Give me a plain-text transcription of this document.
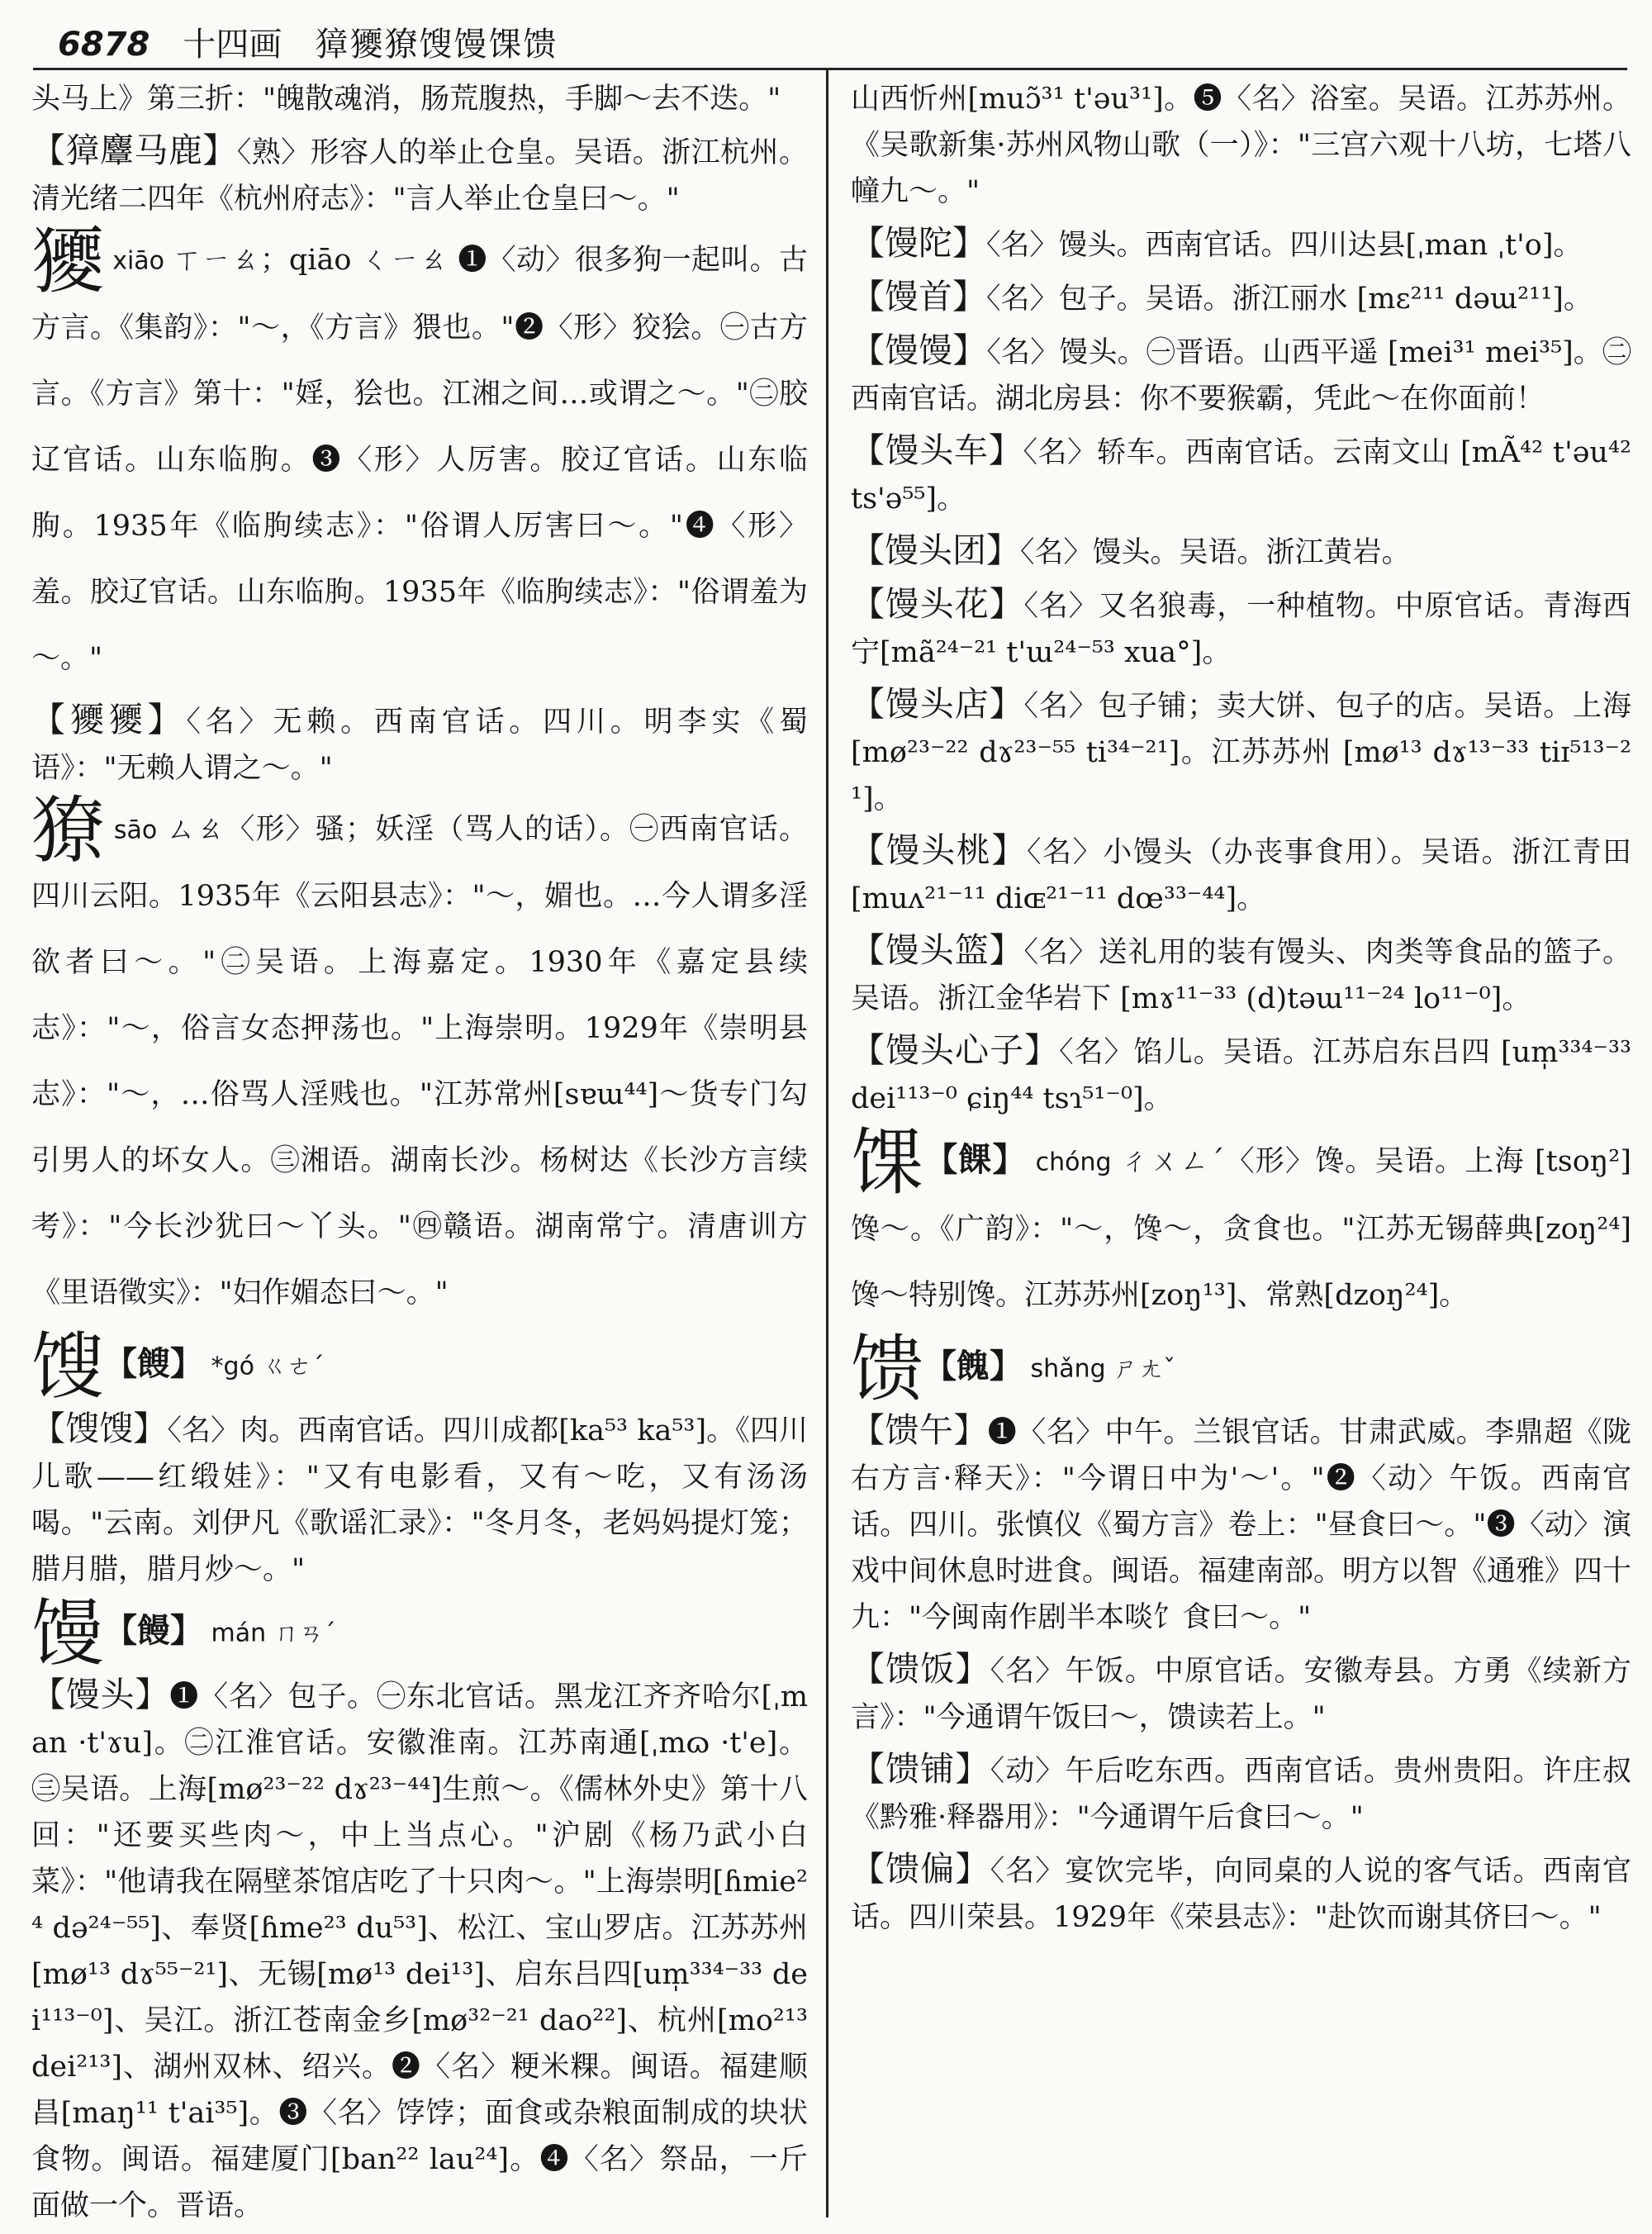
6878 十四画 獐獿獠馊馒馃馈

头马上》第三折："魄散魂消，肠荒腹热，手脚～去不迭。"

【獐麞马鹿】〈熟〉形容人的举止仓皇。吴语。浙江杭州。清光绪二四年《杭州府志》："言人举止仓皇曰～。"

獿 xiāo ㄒㄧㄠ；qiāo ㄑㄧㄠ ❶〈动〉很多狗一起叫。古方言。《集韵》："～，《方言》猥也。"❷〈形〉狡狯。㊀古方言。《方言》第十："婬，狯也。江湘之间…或谓之～。"㊁胶辽官话。山东临朐。❸〈形〉人厉害。胶辽官话。山东临朐。1935年《临朐续志》："俗谓人厉害曰～。"❹〈形〉羞。胶辽官话。山东临朐。1935年《临朐续志》："俗谓羞为～。"

【獿獿】〈名〉无赖。西南官话。四川。明李实《蜀语》："无赖人谓之～。"

獠 sāo ㄙㄠ〈形〉骚；妖淫（骂人的话）。㊀西南官话。四川云阳。1935年《云阳县志》："～，媚也。…今人谓多淫欲者曰～。"㊁吴语。上海嘉定。1930年《嘉定县续志》："～，俗言女态押荡也。"上海崇明。1929年《崇明县志》："～，…俗骂人淫贱也。"江苏常州[sɐɯ⁴⁴]～货专门勾引男人的坏女人。㊂湘语。湖南长沙。杨树达《长沙方言续考》："今长沙犹曰～丫头。"㊃赣语。湖南常宁。清唐训方《里语徵实》："妇作媚态曰～。"

馊【餿】 *gó ㄍㄜˊ

【馊馊】〈名〉肉。西南官话。四川成都[ka⁵³ ka⁵³]。《四川儿歌——红缎娃》："又有电影看，又有～吃，又有汤汤喝。"云南。刘伊凡《歌谣汇录》："冬月冬，老妈妈提灯笼；腊月腊，腊月炒～。"

馒【饅】 mán ㄇㄢˊ

【馒头】❶〈名〉包子。㊀东北官话。黑龙江齐齐哈尔[ˌman ·t'ɤu]。㊁江淮官话。安徽淮南。江苏南通[ˌmɷ ·t'e]。㊂吴语。上海[mø²³⁻²² dɤ²³⁻⁴⁴]生煎～。《儒林外史》第十八回："还要买些肉～，中上当点心。"沪剧《杨乃武小白菜》："他请我在隔壁茶馆店吃了十只肉～。"上海崇明[ɦmie²⁴ də²⁴⁻⁵⁵]、奉贤[ɦme²³ du⁵³]、松江、宝山罗店。江苏苏州[mø¹³ dɤ⁵⁵⁻²¹]、无锡[mø¹³ dei¹³]、启东吕四[um̩³³⁴⁻³³ dei¹¹³⁻⁰]、吴江。浙江苍南金乡[mø³²⁻²¹ dao²²]、杭州[mo²¹³ dei²¹³]、湖州双林、绍兴。❷〈名〉粳米粿。闽语。福建顺昌[maŋ¹¹ t'ai³⁵]。❸〈名〉饽饽；面食或杂粮面制成的块状食物。闽语。福建厦门[ban²² lau²⁴]。❹〈名〉祭品，一斤面做一个。晋语。

山西忻州[muɔ̃³¹ t'əu³¹]。❺〈名〉浴室。吴语。江苏苏州。《吴歌新集·苏州风物山歌（一）》："三宫六观十八坊，七塔八幢九～。"

【馒陀】〈名〉馒头。西南官话。四川达县[ˌman ˌt'o]。

【馒首】〈名〉包子。吴语。浙江丽水 [mɛ²¹¹ dəɯ²¹¹]。

【馒馒】〈名〉馒头。㊀晋语。山西平遥 [mei³¹ mei³⁵]。㊁西南官话。湖北房县：你不要猴霸，凭此～在你面前！

【馒头车】〈名〉轿车。西南官话。云南文山 [mÃ⁴² t'əu⁴² ts'ə⁵⁵]。

【馒头团】〈名〉馒头。吴语。浙江黄岩。

【馒头花】〈名〉又名狼毒，一种植物。中原官话。青海西宁[mã²⁴⁻²¹ t'ɯ²⁴⁻⁵³ xua°]。

【馒头店】〈名〉包子铺；卖大饼、包子的店。吴语。上海 [mø²³⁻²² dɤ²³⁻⁵⁵ ti³⁴⁻²¹]。江苏苏州 [mø¹³ dɤ¹³⁻³³ tiɪ⁵¹³⁻²¹]。

【馒头桃】〈名〉小馒头（办丧事食用）。吴语。浙江青田 [muʌ²¹⁻¹¹ diɶ²¹⁻¹¹ dœ³³⁻⁴⁴]。

【馒头篮】〈名〉送礼用的装有馒头、肉类等食品的篮子。吴语。浙江金华岩下 [mɤ¹¹⁻³³ (d)təɯ¹¹⁻²⁴ lo¹¹⁻⁰]。

【馒头心子】〈名〉馅儿。吴语。江苏启东吕四 [um̩³³⁴⁻³³ dei¹¹³⁻⁰ ɕiŋ⁴⁴ tsɿ⁵¹⁻⁰]。

馃【餜】 chóng ㄔㄨㄥˊ〈形〉馋。吴语。上海 [tsoŋ²]馋～。《广韵》："～，馋～，贪食也。"江苏无锡薛典[zoŋ²⁴]馋～特别馋。江苏苏州[zoŋ¹³]、常熟[dzoŋ²⁴]。

馈【餽】 shǎng ㄕㄤˇ

【馈午】❶〈名〉中午。兰银官话。甘肃武威。李鼎超《陇右方言·释天》："今谓日中为'～'。"❷〈动〉午饭。西南官话。四川。张慎仪《蜀方言》卷上："昼食曰～。"❸〈动〉演戏中间休息时进食。闽语。福建南部。明方以智《通雅》四十九："今闽南作剧半本啖饣食曰～。"

【馈饭】〈名〉午饭。中原官话。安徽寿县。方勇《续新方言》："今通谓午饭曰～，馈读若上。"

【馈铺】〈动〉午后吃东西。西南官话。贵州贵阳。许庄叔《黔雅·释器用》："今通谓午后食曰～。"

【馈偏】〈名〉宴饮完毕，向同桌的人说的客气话。西南官话。四川荣县。1929年《荣县志》："赴饮而谢其侪曰～。"
